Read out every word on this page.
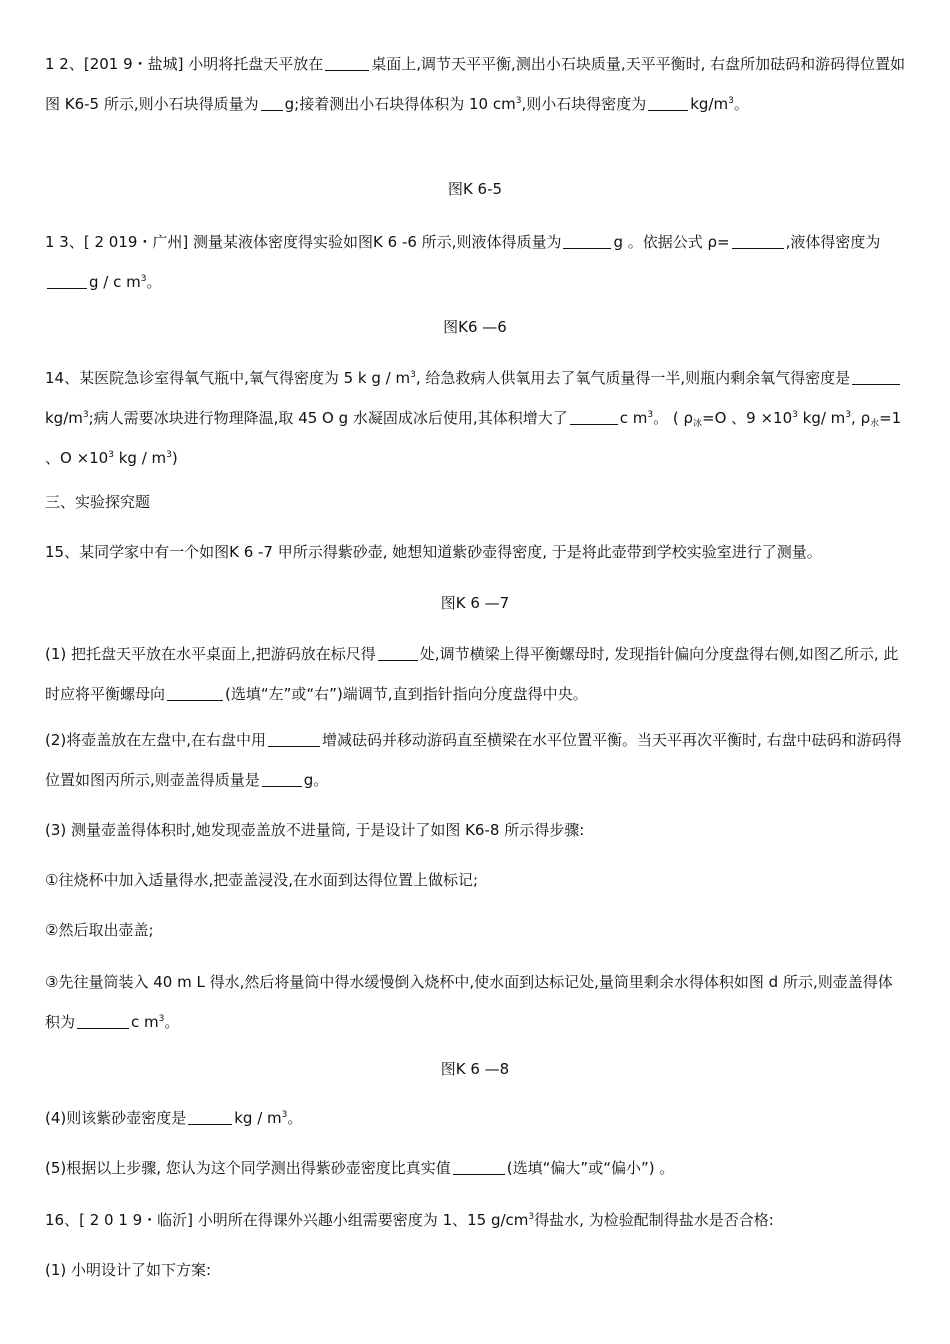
1 2、[201 9・盐城] 小明将托盘天平放在	桌面上,调节天平平衡,测出小石块质量,天平平衡时, 右盘所加砝码和游码得位置如图 K6-5 所示,则小石块得质量为 g;接着测出小石块得体积为 10 $cm^3$,则小石块得密度为	$kg/m^3$。

图K 6-5

1 3、[ 2 019・广州] 测量某液体密度得实验如图K 6 -6 所示,则液体得质量为	g 。依据公式 ρ=	,液体得密度为g / c $m^3$。

图K6 —6

14、某医院急诊室得氧气瓶中,氧气得密度为 5 k g / $m^3$, 给急救病人供氧用去了氧气质量得一半,则瓶内剩余氧气得密度是$kg/m^3$;病人需要冰块进行物理降温,取 45 O g 水凝固成冰后使用,其体积增大了	c $m^3$。 ( $\rho_冰=O$ 、$9 \times 10^3$ kg/ $m^3$, $\rho_水=1$ 、$O \times 10^3$ kg / $m^3$)

三、实验探究题

15、某同学家中有一个如图K 6 -7 甲所示得紫砂壶, 她想知道紫砂壶得密度, 于是将此壶带到学校实验室进行了测量。

图K 6 —7

(1) 把托盘天平放在水平桌面上,把游码放在标尺得	处,调节横梁上得平衡螺母时, 发现指针偏向分度盘得右侧,如图乙所示, 此时应将平衡螺母向	(选填“左”或“右”)端调节,直到指针指向分度盘得中央。

(2)将壶盖放在左盘中,在右盘中用	增减砝码并移动游码直至横梁在水平位置平衡。当天平再次平衡时, 右盘中砝码和游码得位置如图丙所示,则壶盖得质量是	g。

(3) 测量壶盖得体积时,她发现壶盖放不进量筒, 于是设计了如图 K6-8 所示得步骤:

①往烧杯中加入适量得水,把壶盖浸没,在水面到达得位置上做标记;

②然后取出壶盖;

③先往量筒装入 40 m L 得水,然后将量筒中得水缓慢倒入烧杯中,使水面到达标记处,量筒里剩余水得体积如图 d 所示,则壶盖得体积为	c $m^3$。

图K 6 —8

(4)则该紫砂壶密度是	kg / $m^3$。

(5)根据以上步骤, 您认为这个同学测出得紫砂壶密度比真实值	(选填“偏大”或“偏小”) 。

16、[ 2 0 1 9・临沂] 小明所在得课外兴趣小组需要密度为 1、15 $g/cm^3$得盐水, 为检验配制得盐水是否合格:

(1) 小明设计了如下方案:
